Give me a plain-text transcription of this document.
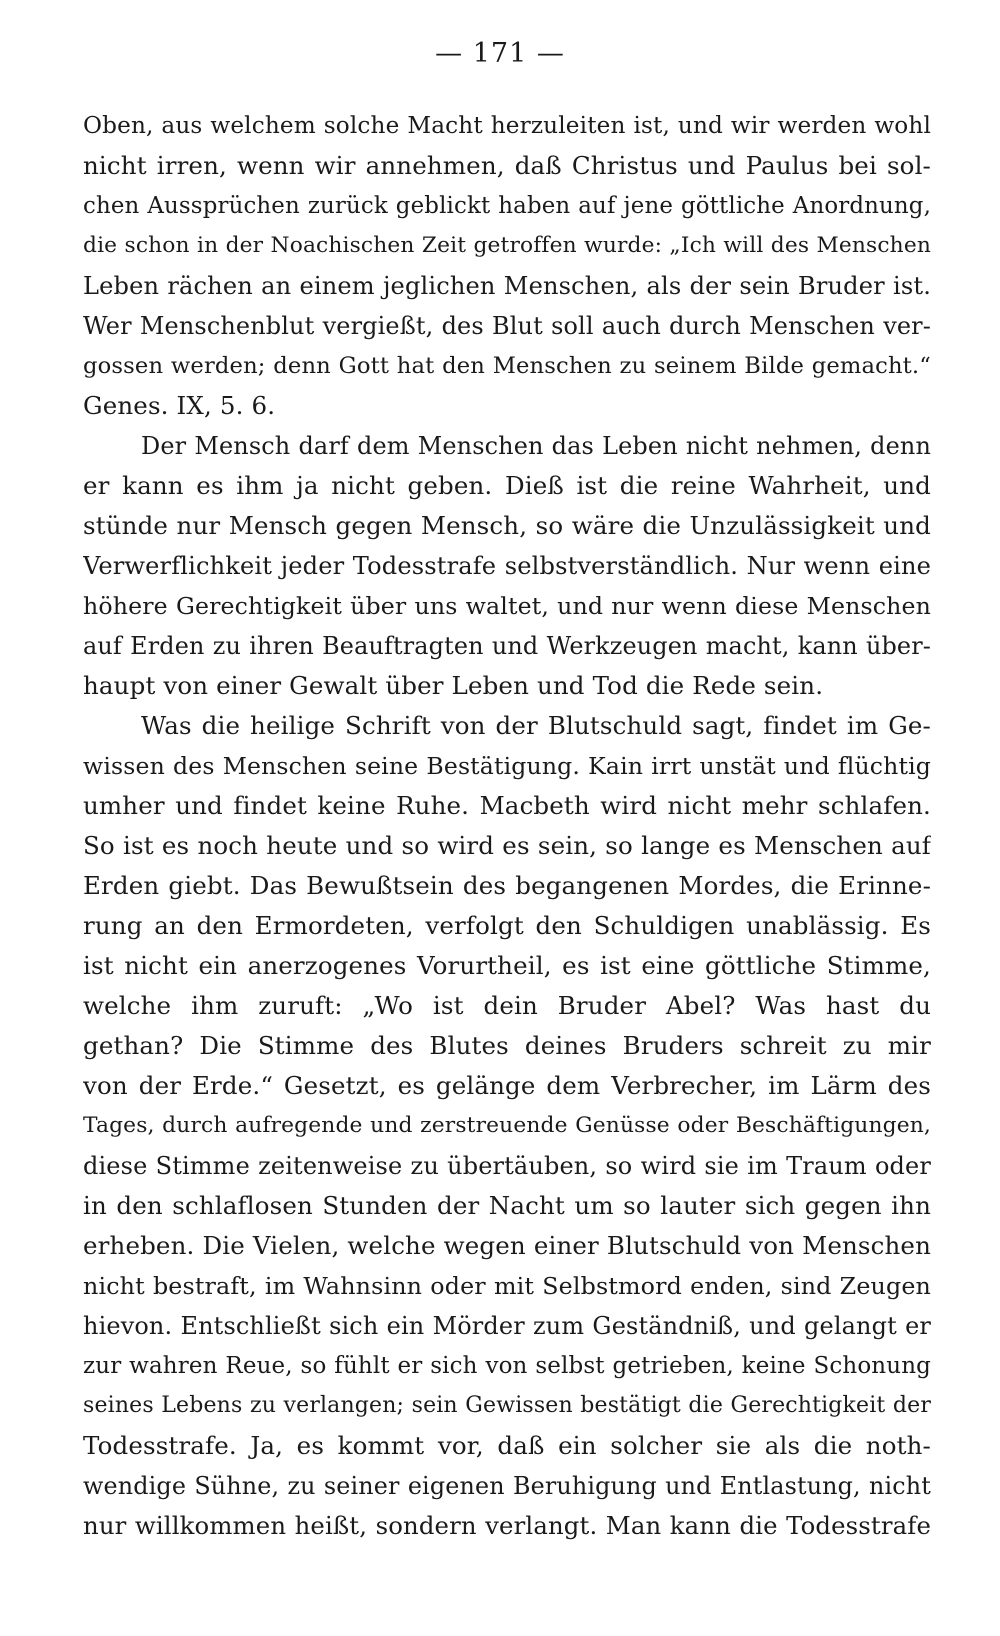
— 171 —
Oben, aus welchem solche Macht herzuleiten ist, und wir werden wohl
nicht irren, wenn wir annehmen, daß Christus und Paulus bei sol-
chen Aussprüchen zurück geblickt haben auf jene göttliche Anordnung,
die schon in der Noachischen Zeit getroffen wurde: „Ich will des Menschen
Leben rächen an einem jeglichen Menschen, als der sein Bruder ist.
Wer Menschenblut vergießt, des Blut soll auch durch Menschen ver-
gossen werden; denn Gott hat den Menschen zu seinem Bilde gemacht.“
Genes. IX, 5. 6.
Der Mensch darf dem Menschen das Leben nicht nehmen, denn
er kann es ihm ja nicht geben. Dieß ist die reine Wahrheit, und
stünde nur Mensch gegen Mensch, so wäre die Unzulässigkeit und
Verwerflichkeit jeder Todesstrafe selbstverständlich. Nur wenn eine
höhere Gerechtigkeit über uns waltet, und nur wenn diese Menschen
auf Erden zu ihren Beauftragten und Werkzeugen macht, kann über-
haupt von einer Gewalt über Leben und Tod die Rede sein.
Was die heilige Schrift von der Blutschuld sagt, findet im Ge-
wissen des Menschen seine Bestätigung. Kain irrt unstät und flüchtig
umher und findet keine Ruhe. Macbeth wird nicht mehr schlafen.
So ist es noch heute und so wird es sein, so lange es Menschen auf
Erden giebt. Das Bewußtsein des begangenen Mordes, die Erinne-
rung an den Ermordeten, verfolgt den Schuldigen unablässig. Es
ist nicht ein anerzogenes Vorurtheil, es ist eine göttliche Stimme,
welche ihm zuruft: „Wo ist dein Bruder Abel? Was hast du
gethan? Die Stimme des Blutes deines Bruders schreit zu mir
von der Erde.“ Gesetzt, es gelänge dem Verbrecher, im Lärm des
Tages, durch aufregende und zerstreuende Genüsse oder Beschäftigungen,
diese Stimme zeitenweise zu übertäuben, so wird sie im Traum oder
in den schlaflosen Stunden der Nacht um so lauter sich gegen ihn
erheben. Die Vielen, welche wegen einer Blutschuld von Menschen
nicht bestraft, im Wahnsinn oder mit Selbstmord enden, sind Zeugen
hievon. Entschließt sich ein Mörder zum Geständniß, und gelangt er
zur wahren Reue, so fühlt er sich von selbst getrieben, keine Schonung
seines Lebens zu verlangen; sein Gewissen bestätigt die Gerechtigkeit der
Todesstrafe. Ja, es kommt vor, daß ein solcher sie als die noth-
wendige Sühne, zu seiner eigenen Beruhigung und Entlastung, nicht
nur willkommen heißt, sondern verlangt. Man kann die Todesstrafe
